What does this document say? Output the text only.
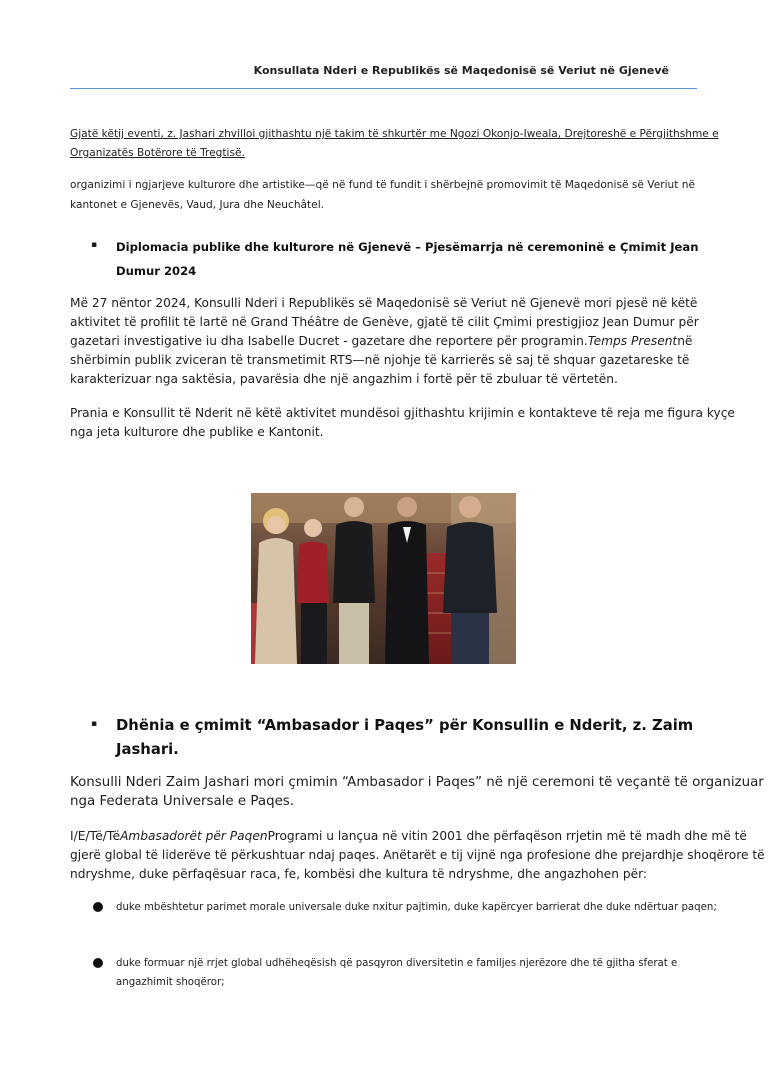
Konsullata Nderi e Republikës së Maqedonisë së Veriut në Gjenevë
Gjatë këtij eventi, z. Jashari zhvilloi gjithashtu një takim të shkurtër me Ngozi Okonjo-Iweala, Drejtoreshë e Përgjithshme e
Organizatës Botërore të Tregtisë.
organizimi i ngjarjeve kulturore dhe artistike—që në fund të fundit i shërbejnë promovimit të Maqedonisë së Veriut në
kantonet e Gjenevës, Vaud, Jura dhe Neuchâtel.
▪ Diplomacia publike dhe kulturore në Gjenevë – Pjesëmarrja në ceremoninë e Çmimit Jean
Dumur 2024
Më 27 nëntor 2024, Konsulli Nderi i Republikës së Maqedonisë së Veriut në Gjenevë mori pjesë në këtë
aktivitet të profilit të lartë në Grand Théâtre de Genève, gjatë të cilit Çmimi prestigjioz Jean Dumur për
gazetari investigative iu dha Isabelle Ducret - gazetare dhe reportere për programin.Temps Presentnë
shërbimin publik zviceran të transmetimit RTS—në njohje të karrierës së saj të shquar gazetareske të
karakterizuar nga saktësia, pavarësia dhe një angazhim i fortë për të zbuluar të vërtetën.
Prania e Konsullit të Nderit në këtë aktivitet mundësoi gjithashtu krijimin e kontakteve të reja me figura kyçe
nga jeta kulturore dhe publike e Kantonit.
▪ Dhënia e çmimit “Ambasador i Paqes” për Konsullin e Nderit, z. Zaim
Jashari.
Konsulli Nderi Zaim Jashari mori çmimin “Ambasador i Paqes” në një ceremoni të veçantë të organizuar
nga Federata Universale e Paqes.
I/E/Të/TëAmbasadorët për PaqenProgrami u lançua në vitin 2001 dhe përfaqëson rrjetin më të madh dhe më të
gjerë global të liderëve të përkushtuar ndaj paqes. Anëtarët e tij vijnë nga profesione dhe prejardhje shoqërore të
ndryshme, duke përfaqësuar raca, fe, kombësi dhe kultura të ndryshme, dhe angazhohen për:
duke mbështetur parimet morale universale duke nxitur pajtimin, duke kapërcyer barrierat dhe duke ndërtuar paqen;
duke formuar një rrjet global udhëheqësish që pasqyron diversitetin e familjes njerëzore dhe të gjitha sferat e
angazhimit shoqëror;
